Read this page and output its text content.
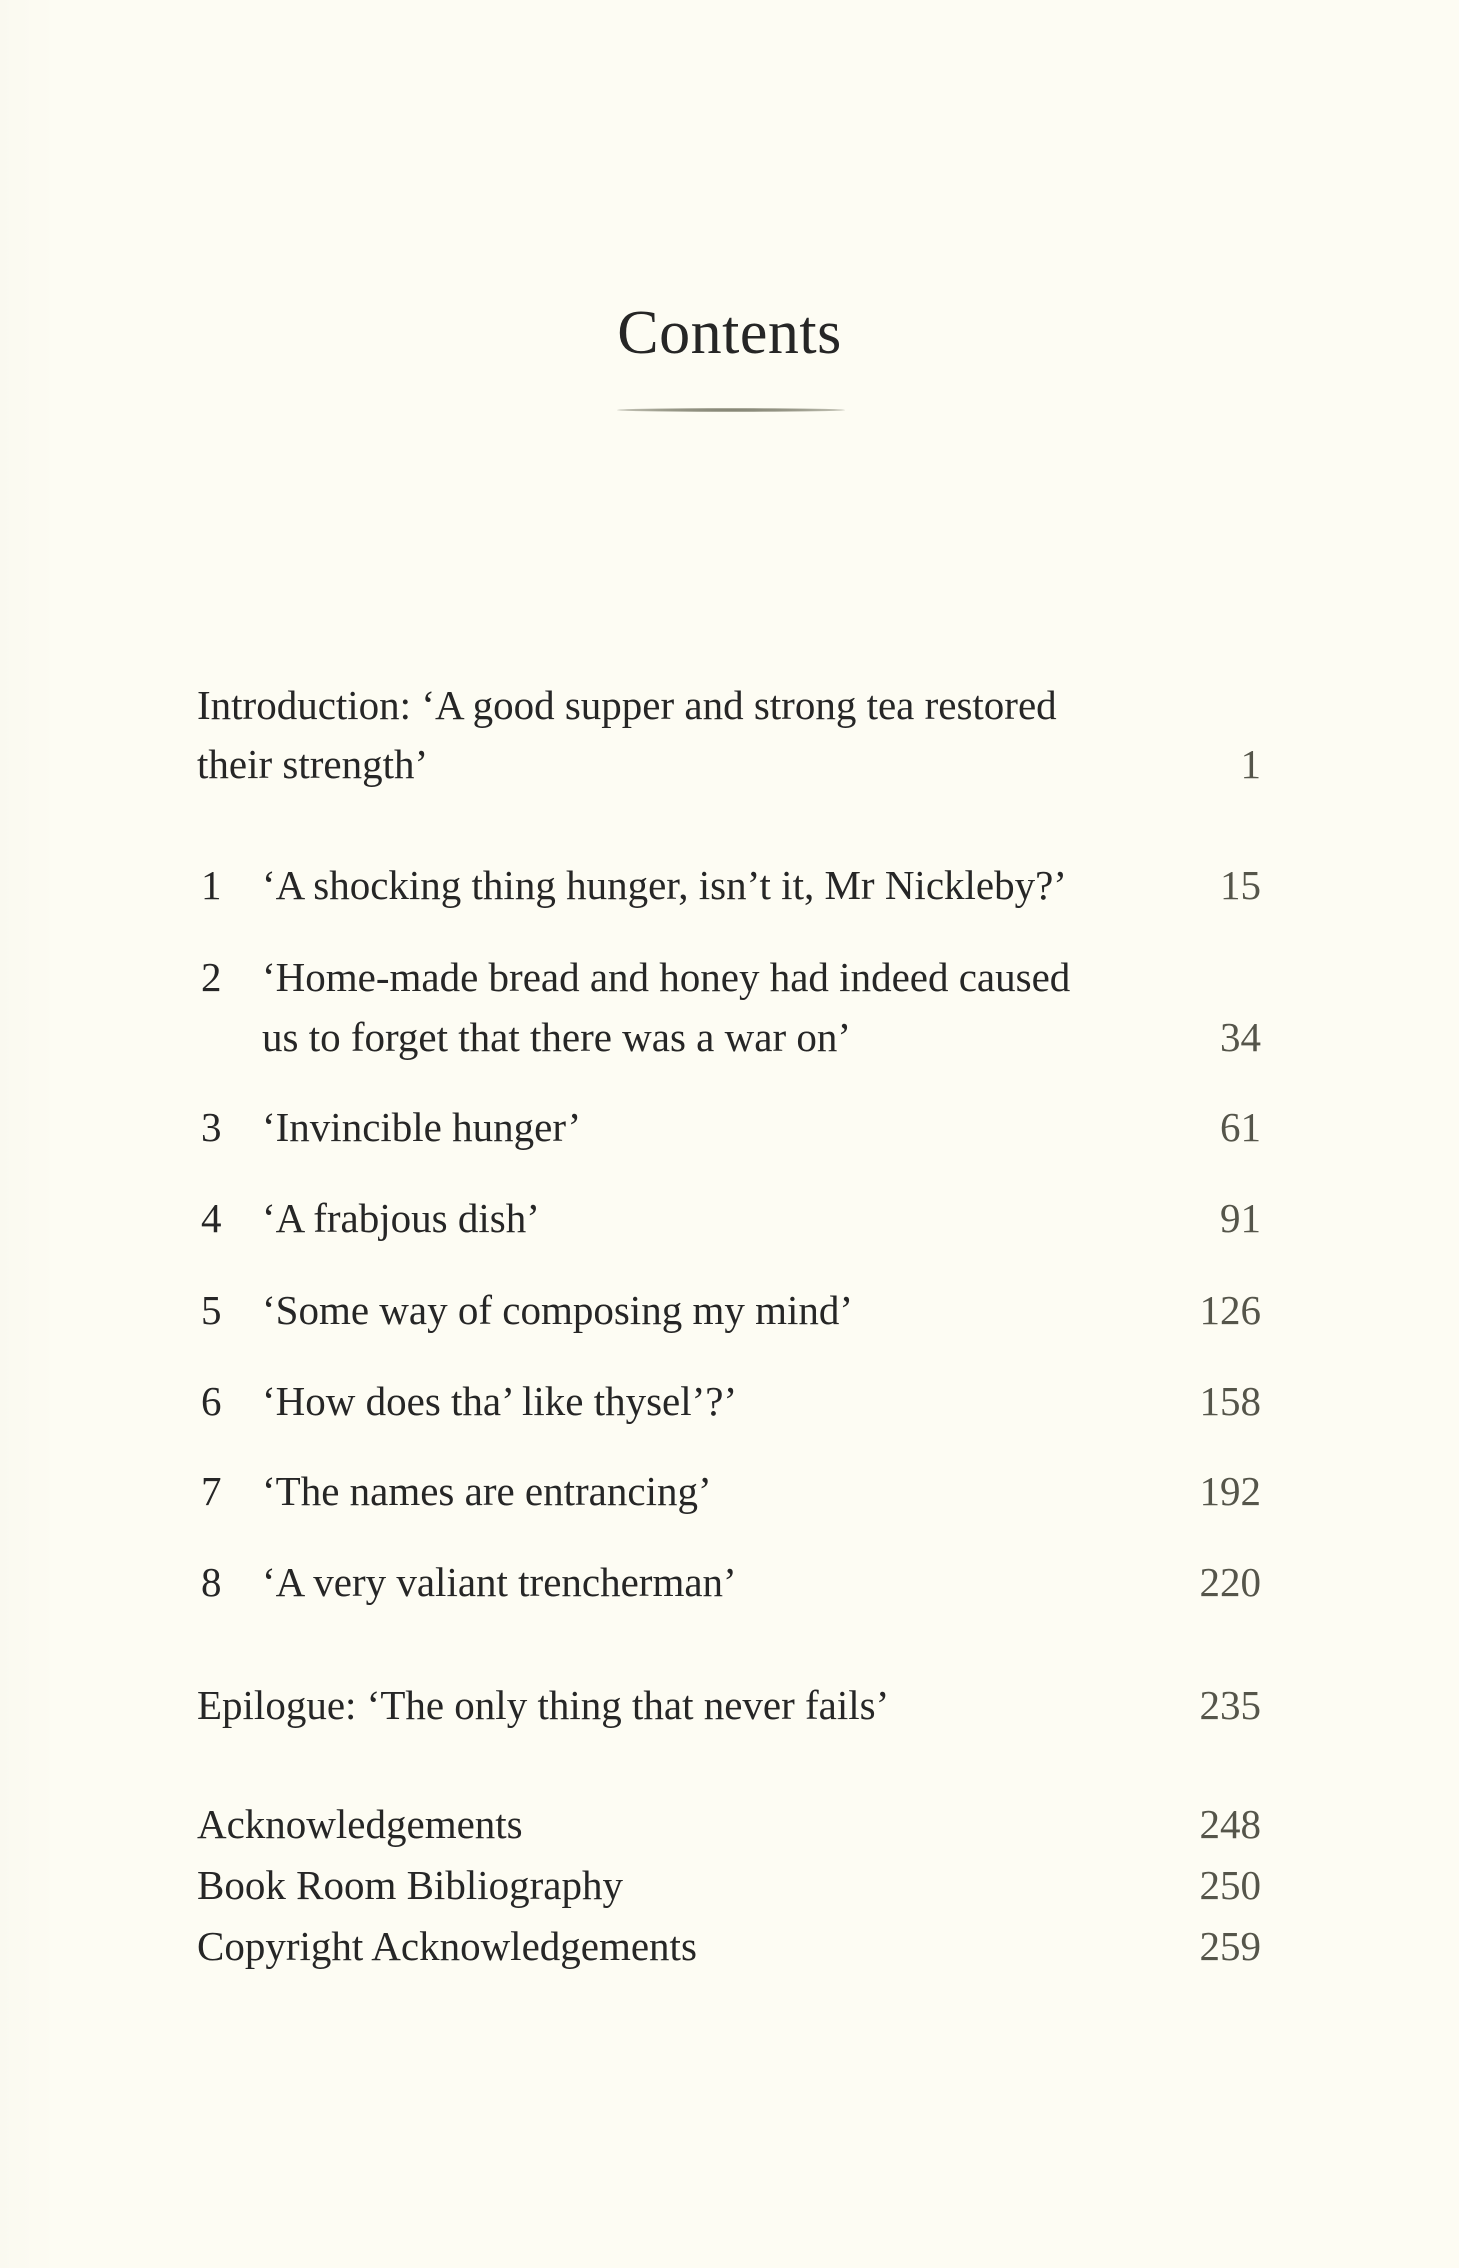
Contents
Introduction: ‘A good supper and strong tea restored
their strength’	1
1 ‘A shocking thing hunger, isn’t it, Mr Nickleby?’	15
2 ‘Home-made bread and honey had indeed caused
us to forget that there was a war on’	34
3 ‘Invincible hunger’	61
4 ‘A frabjous dish’	91
5 ‘Some way of composing my mind’	126
6 ‘How does tha’ like thysel’?’	158
7 ‘The names are entrancing’	192
8 ‘A very valiant trencherman’	220
Epilogue: ‘The only thing that never fails’	235
Acknowledgements	248
Book Room Bibliography	250
Copyright Acknowledgements	259
